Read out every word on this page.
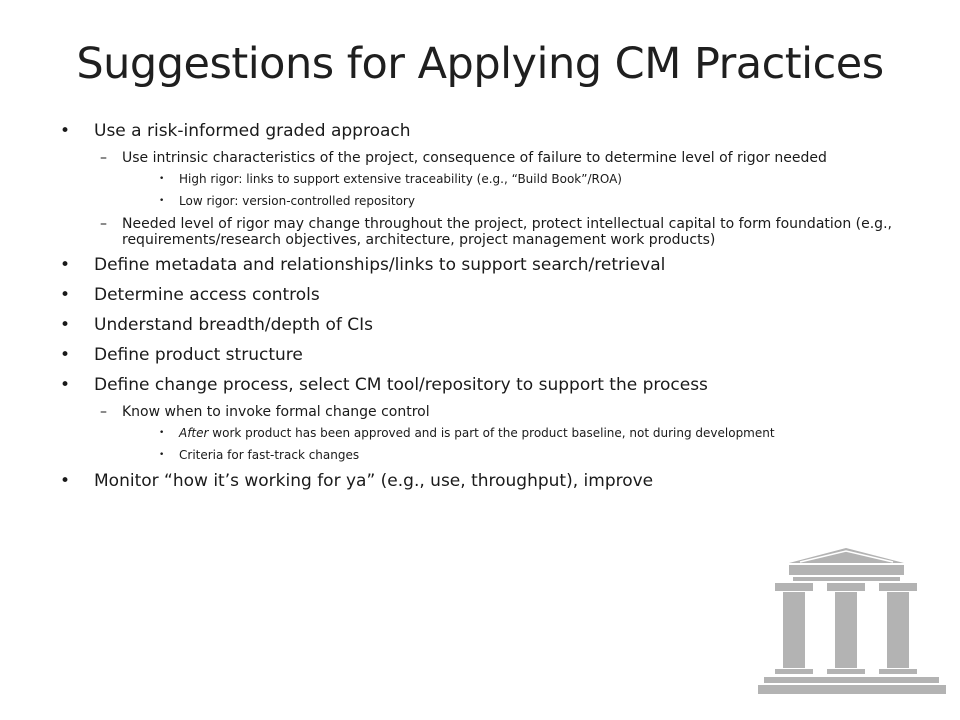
Suggestions for Applying CM Practices
• Use a risk-informed graded approach
– Use intrinsic characteristics of the project, consequence of failure to determine level of rigor needed
• High rigor: links to support extensive traceability (e.g., “Build Book”/ROA)
• Low rigor: version-controlled repository
– Needed level of rigor may change throughout the project, protect intellectual capital to form foundation (e.g., requirements/research objectives, architecture, project management work products)
• Define metadata and relationships/links to support search/retrieval
• Determine access controls
• Understand breadth/depth of CIs
• Define product structure
• Define change process, select CM tool/repository to support the process
– Know when to invoke formal change control
• After work product has been approved and is part of the product baseline, not during development
• Criteria for fast-track changes
• Monitor “how it’s working for ya” (e.g., use, throughput), improve
